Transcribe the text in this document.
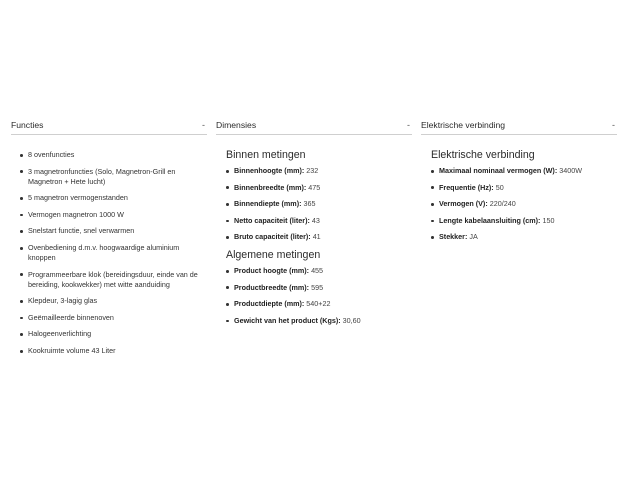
Functies	-
8 ovenfuncties
3 magnetronfuncties (Solo, Magnetron-Grill en Magnetron + Hete lucht)
5 magnetron vermogenstanden
Vermogen magnetron 1000 W
Snelstart functie, snel verwarmen
Ovenbediening d.m.v. hoogwaardige aluminium knoppen
Programmeerbare klok (bereidingsduur, einde van de bereiding, kookwekker) met witte aanduiding
Klepdeur, 3-lagig glas
Geëmailleerde binnenoven
Halogeenverlichting
Kookruimte volume 43 Liter
Dimensies	-
Binnen metingen
Binnenhoogte (mm): 232
Binnenbreedte (mm): 475
Binnendiepte (mm): 365
Netto capaciteit (liter): 43
Bruto capaciteit (liter): 41
Algemene metingen
Product hoogte (mm): 455
Productbreedte (mm): 595
Productdiepte (mm): 540+22
Gewicht van het product (Kgs): 30,60
Elektrische verbinding	-
Elektrische verbinding
Maximaal nominaal vermogen (W): 3400W
Frequentie (Hz): 50
Vermogen (V): 220/240
Lengte kabelaansluiting (cm): 150
Stekker: JA
